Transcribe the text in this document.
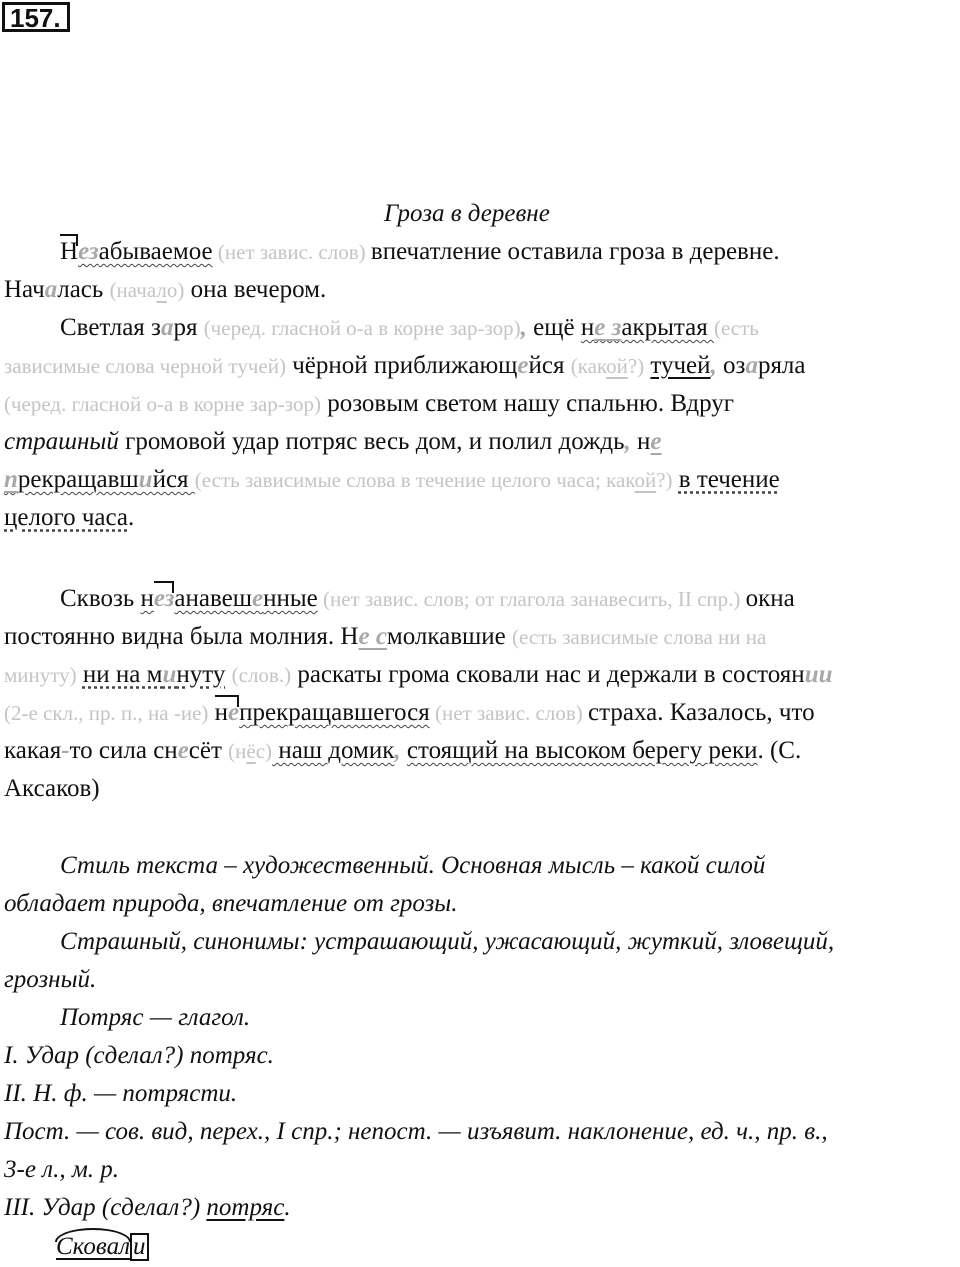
157.
Гроза в деревне
Незабываемое (нет завис. слов) впечатление оставила гроза в деревне.
Началась (начало) она вечером.
Светлая заря (черед. гласной о-а в корне зар-зор), ещё не закрытая (есть
зависимые слова черной тучей) чёрной приближающейся (какой?) тучей, озаряла
(черед. гласной о-а в корне зар-зор) розовым светом нашу спальню. Вдруг
страшный громовой удар потряс весь дом, и полил дождь, не
прекращавшийся (есть зависимые слова в течение целого часа; какой?) в течение
целого часа.
Сквозь незанавешенные (нет завис. слов; от глагола занавесить, II спр.) окна
постоянно видна была молния. Не смолкавшие (есть зависимые слова ни на
минуту) ни на минуту (слов.) раскаты грома сковали нас и держали в состоянии
(2-е скл., пр. п., на -ие) непрекращавшегося (нет завис. слов) страха. Казалось, что
какая-то сила снесёт (нёс) наш домик, стоящий на высоком берегу реки. (С.
Аксаков)
Стиль текста – художественный. Основная мысль – какой силой
обладает природа, впечатление от грозы.
Страшный, синонимы: устрашающий, ужасающий, жуткий, зловещий,
грозный.
Потряс — глагол.
I. Удар (сделал?) потряс.
II. Н. ф. — потрясти.
Пост. — сов. вид, перех., I спр.; непост. — изъявит. наклонение, ед. ч., пр. в.,
3-е л., м. р.
III. Удар (сделал?) потряс.
Сковал и
